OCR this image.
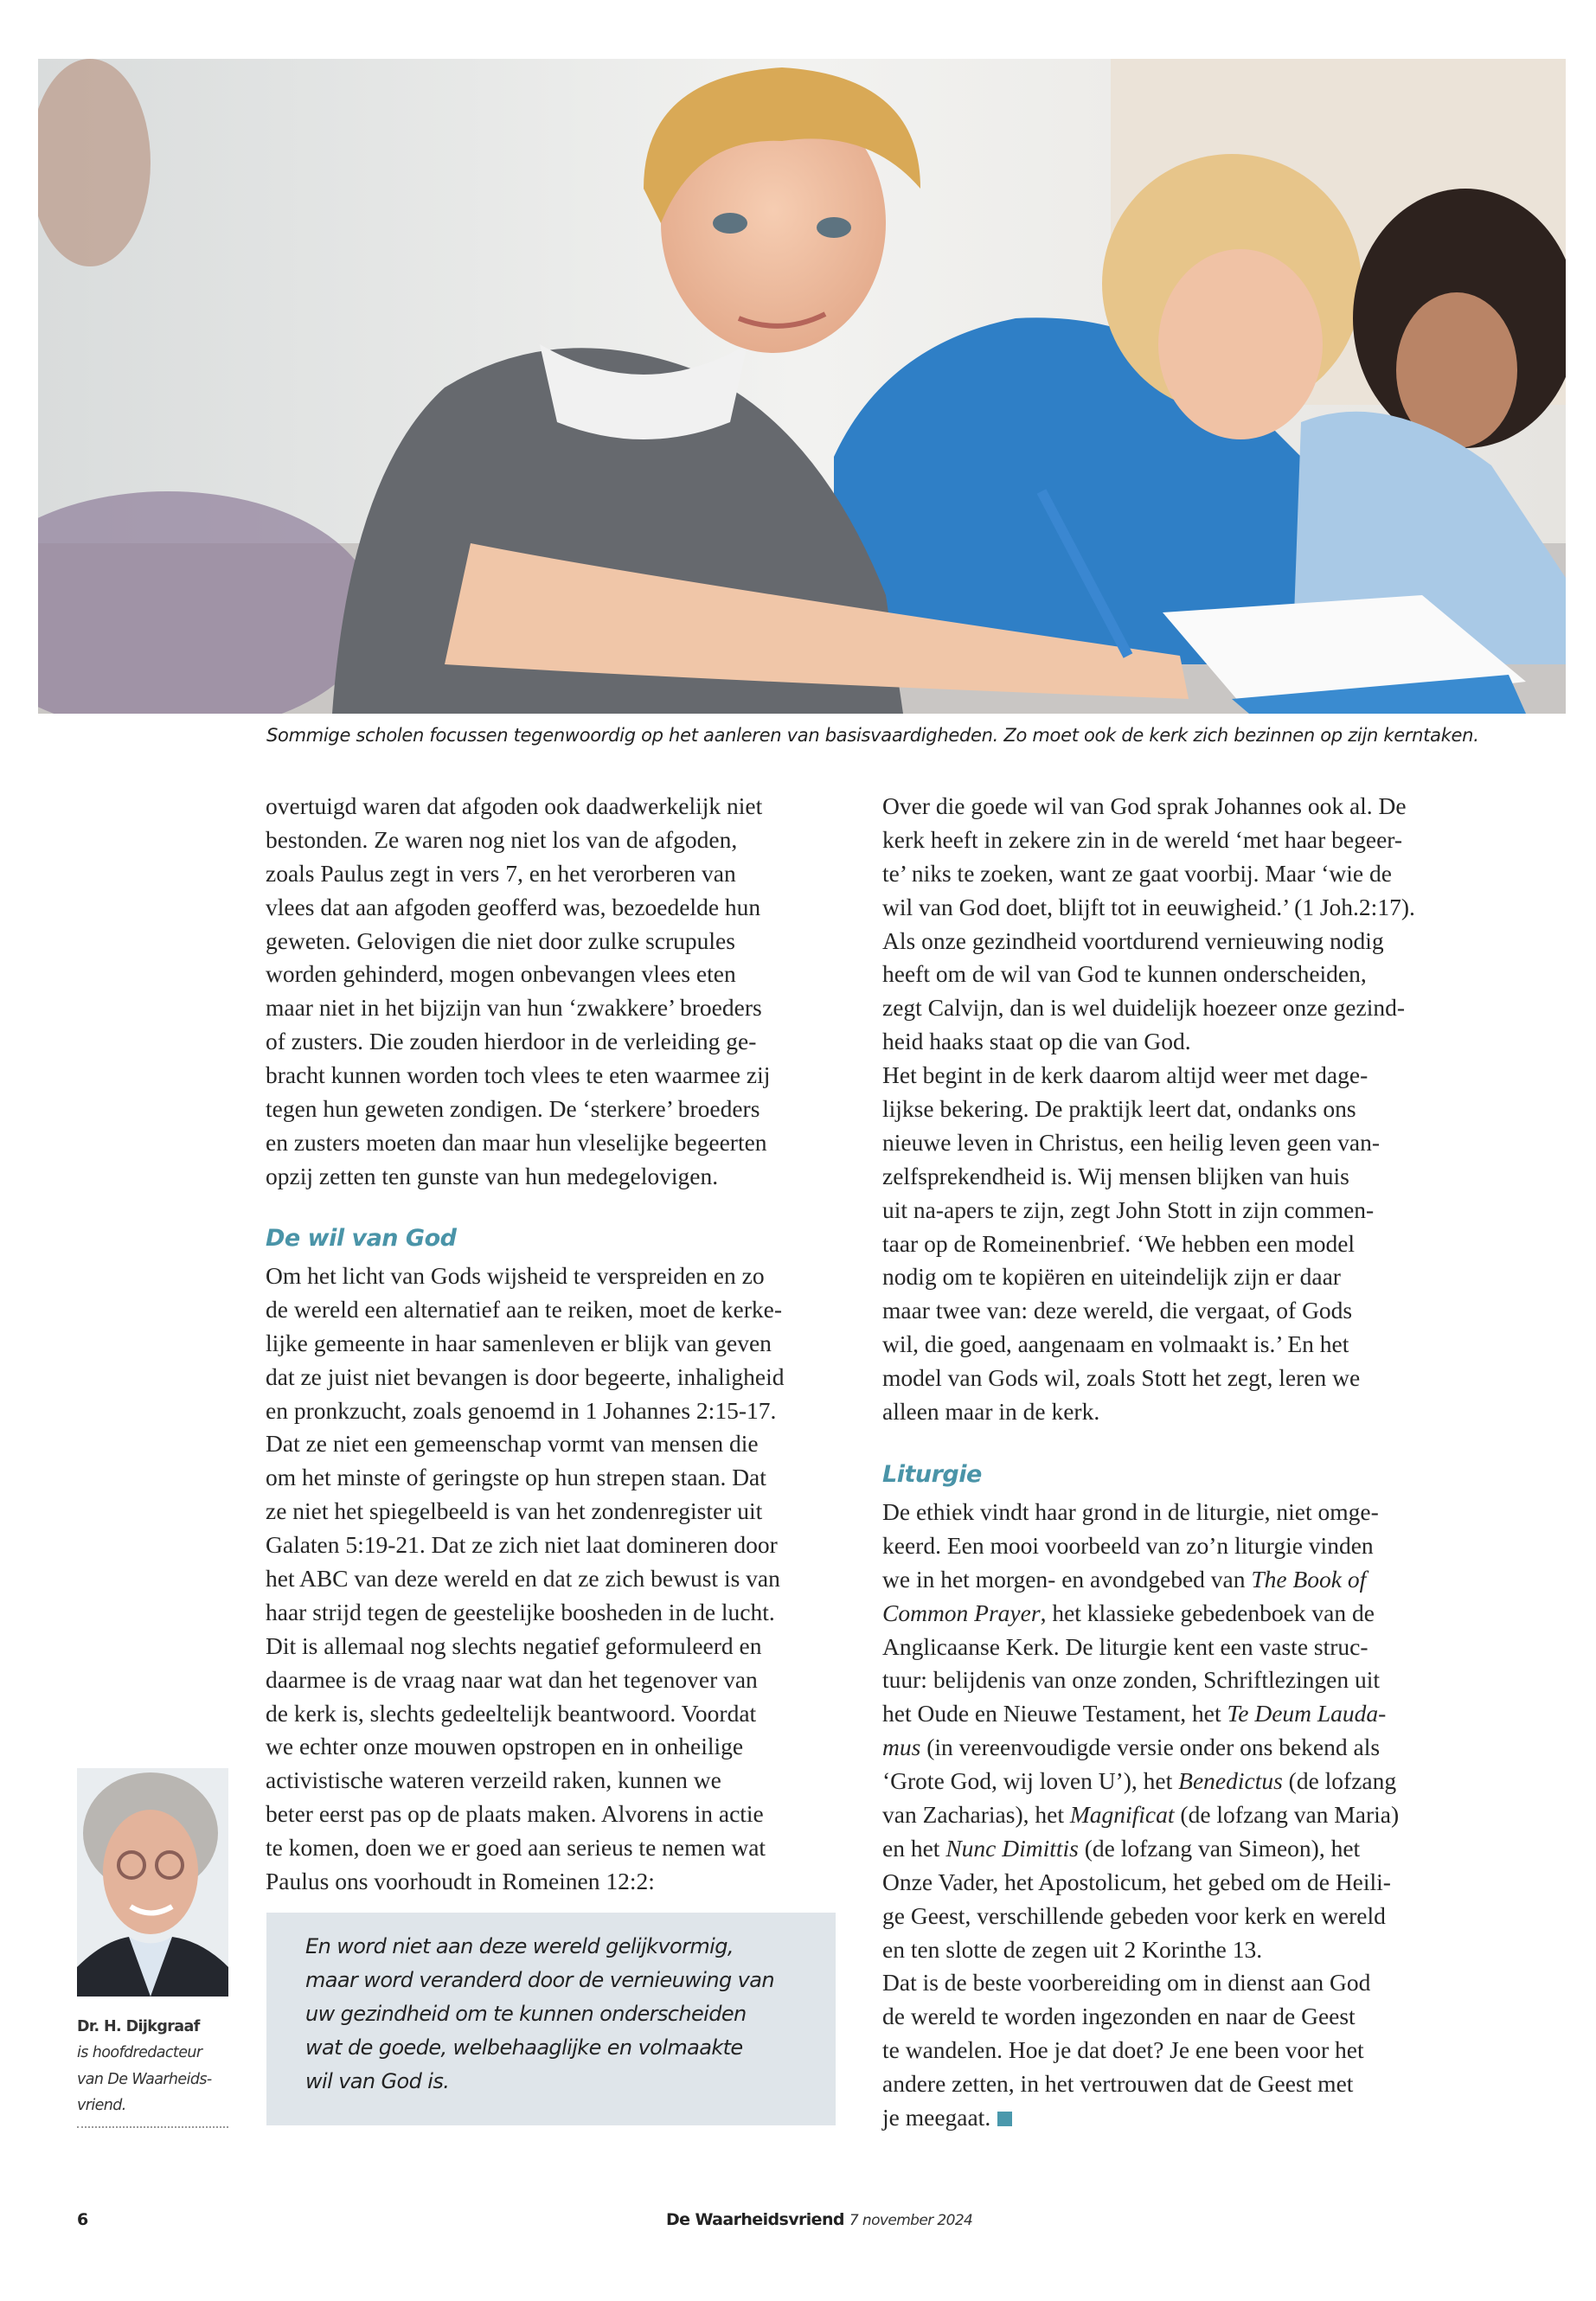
Sommige scholen focussen tegenwoordig op het aanleren van basisvaardigheden. Zo moet ook de kerk zich bezinnen op zijn kerntaken.
overtuigd waren dat afgoden ook daadwerkelijk niet
bestonden. Ze waren nog niet los van de afgoden,
zoals Paulus zegt in vers 7, en het verorberen van
vlees dat aan afgoden geofferd was, bezoedelde hun
geweten. Gelovigen die niet door zulke scrupules
worden gehinderd, mogen onbevangen vlees eten
maar niet in het bijzijn van hun ‘zwakkere’ broeders
of zusters. Die zouden hierdoor in de verleiding ge-
bracht kunnen worden toch vlees te eten waarmee zij
tegen hun geweten zondigen. De ‘sterkere’ broeders
en zusters moeten dan maar hun vleselijke begeerten
opzij zetten ten gunste van hun medegelovigen.
De wil van God
Om het licht van Gods wijsheid te verspreiden en zo
de wereld een alternatief aan te reiken, moet de kerke-
lijke gemeente in haar samenleven er blijk van geven
dat ze juist niet bevangen is door begeerte, inhaligheid
en pronkzucht, zoals genoemd in 1 Johannes 2:15-17.
Dat ze niet een gemeenschap vormt van mensen die
om het minste of geringste op hun strepen staan. Dat
ze niet het spiegelbeeld is van het zondenregister uit
Galaten 5:19-21. Dat ze zich niet laat domineren door
het ABC van deze wereld en dat ze zich bewust is van
haar strijd tegen de geestelijke boosheden in de lucht.
Dit is allemaal nog slechts negatief geformuleerd en
daarmee is de vraag naar wat dan het tegenover van
de kerk is, slechts gedeeltelijk beantwoord. Voordat
we echter onze mouwen opstropen en in onheilige
activistische wateren verzeild raken, kunnen we
beter eerst pas op de plaats maken. Alvorens in actie
te komen, doen we er goed aan serieus te nemen wat
Paulus ons voorhoudt in Romeinen 12:2:
En word niet aan deze wereld gelijkvormig,
maar word veranderd door de vernieuwing van
uw gezindheid om te kunnen onderscheiden
wat de goede, welbehaaglijke en volmaakte
wil van God is.
Over die goede wil van God sprak Johannes ook al. De
kerk heeft in zekere zin in de wereld ‘met haar begeer-
te’ niks te zoeken, want ze gaat voorbij. Maar ‘wie de
wil van God doet, blijft tot in eeuwigheid.’ (1 Joh.2:17).
Als onze gezindheid voortdurend vernieuwing nodig
heeft om de wil van God te kunnen onderscheiden,
zegt Calvijn, dan is wel duidelijk hoezeer onze gezind-
heid haaks staat op die van God.
Het begint in de kerk daarom altijd weer met dage-
lijkse bekering. De praktijk leert dat, ondanks ons
nieuwe leven in Christus, een heilig leven geen van-
zelfsprekendheid is. Wij mensen blijken van huis
uit na-apers te zijn, zegt John Stott in zijn commen-
taar op de Romeinenbrief. ‘We hebben een model
nodig om te kopiëren en uiteindelijk zijn er daar
maar twee van: deze wereld, die vergaat, of Gods
wil, die goed, aangenaam en volmaakt is.’ En het
model van Gods wil, zoals Stott het zegt, leren we
alleen maar in de kerk.
Liturgie
De ethiek vindt haar grond in de liturgie, niet omge-
keerd. Een mooi voorbeeld van zo’n liturgie vinden
we in het morgen- en avondgebed van The Book of
Common Prayer, het klassieke gebedenboek van de
Anglicaanse Kerk. De liturgie kent een vaste struc-
tuur: belijdenis van onze zonden, Schriftlezingen uit
het Oude en Nieuwe Testament, het Te Deum Lauda-
mus (in vereenvoudigde versie onder ons bekend als
‘Grote God, wij loven U’), het Benedictus (de lofzang
van Zacharias), het Magnificat (de lofzang van Maria)
en het Nunc Dimittis (de lofzang van Simeon), het
Onze Vader, het Apostolicum, het gebed om de Heili-
ge Geest, verschillende gebeden voor kerk en wereld
en ten slotte de zegen uit 2 Korinthe 13.
Dat is de beste voorbereiding om in dienst aan God
de wereld te worden ingezonden en naar de Geest
te wandelen. Hoe je dat doet? Je ene been voor het
andere zetten, in het vertrouwen dat de Geest met
je meegaat.
Dr. H. Dijkgraaf
is hoofdredacteur
van De Waarheids-
vriend.
6	De Waarheidsvriend 7 november 2024
